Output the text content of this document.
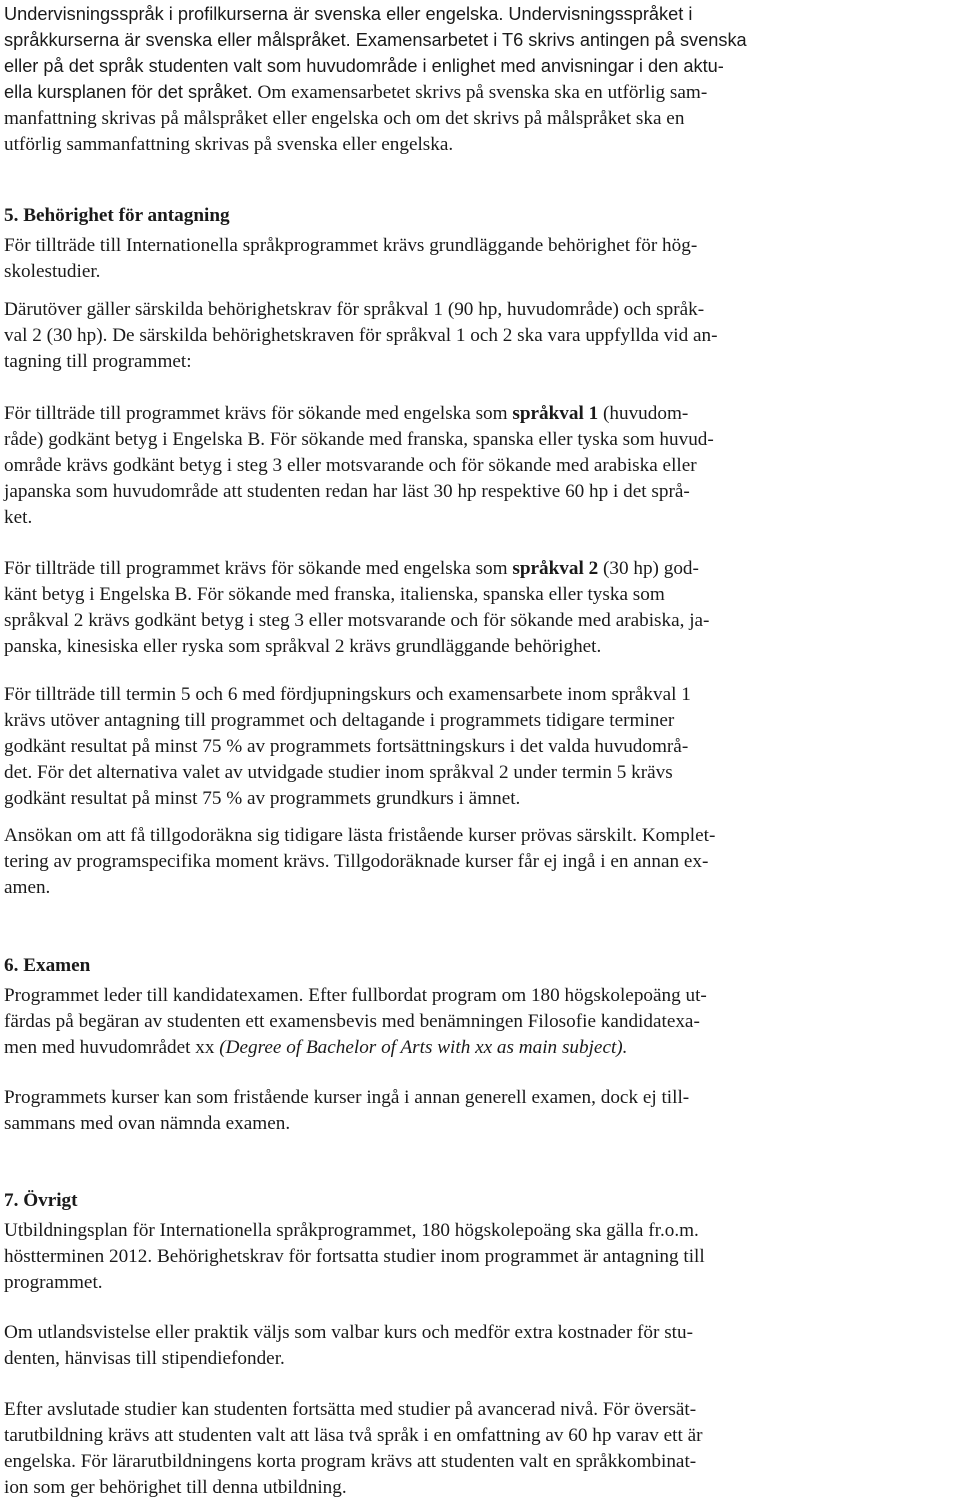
Undervisningsspråk i profilkurserna är svenska eller engelska. Undervisningsspråket i
språkkurserna är svenska eller målspråket. Examensarbetet i T6 skrivs antingen på svenska
eller på det språk studenten valt som huvudområde i enlighet med anvisningar i den aktu-
ella kursplanen för det språket. Om examensarbetet skrivs på svenska ska en utförlig sam-
manfattning skrivas på målspråket eller engelska och om det skrivs på målspråket ska en
utförlig sammanfattning skrivas på svenska eller engelska.

5. Behörighet för antagning

För tillträde till Internationella språkprogrammet krävs grundläggande behörighet för hög-
skolestudier.

Därutöver gäller särskilda behörighetskrav för språkval 1 (90 hp, huvudområde) och språk-
val 2 (30 hp). De särskilda behörighetskraven för språkval 1 och 2 ska vara uppfyllda vid an-
tagning till programmet:

För tillträde till programmet krävs för sökande med engelska som språkval 1 (huvudom-
råde) godkänt betyg i Engelska B. För sökande med franska, spanska eller tyska som huvud-
område krävs godkänt betyg i steg 3 eller motsvarande och för sökande med arabiska eller
japanska som huvudområde att studenten redan har läst 30 hp respektive 60 hp i det språ-
ket.

För tillträde till programmet krävs för sökande med engelska som språkval 2 (30 hp) god-
känt betyg i Engelska B. För sökande med franska, italienska, spanska eller tyska som
språkval 2 krävs godkänt betyg i steg 3 eller motsvarande och för sökande med arabiska, ja-
panska, kinesiska eller ryska som språkval 2 krävs grundläggande behörighet.

För tillträde till termin 5 och 6 med fördjupningskurs och examensarbete inom språkval 1
krävs utöver antagning till programmet och deltagande i programmets tidigare terminer
godkänt resultat på minst 75 % av programmets fortsättningskurs i det valda huvudområ-
det. För det alternativa valet av utvidgade studier inom språkval 2 under termin 5 krävs
godkänt resultat på minst 75 % av programmets grundkurs i ämnet.

Ansökan om att få tillgodoräkna sig tidigare lästa fristående kurser prövas särskilt. Komplet-
tering av programspecifika moment krävs. Tillgodoräknade kurser får ej ingå i en annan ex-
amen.

6. Examen

Programmet leder till kandidatexamen. Efter fullbordat program om 180 högskolepoäng ut-
färdas på begäran av studenten ett examensbevis med benämningen Filosofie kandidatexa-
men med huvudområdet xx (Degree of Bachelor of Arts with xx as main subject).

Programmets kurser kan som fristående kurser ingå i annan generell examen, dock ej till-
sammans med ovan nämnda examen.

7. Övrigt

Utbildningsplan för Internationella språkprogrammet, 180 högskolepoäng ska gälla fr.o.m.
höstterminen 2012. Behörighetskrav för fortsatta studier inom programmet är antagning till
programmet.

Om utlandsvistelse eller praktik väljs som valbar kurs och medför extra kostnader för stu-
denten, hänvisas till stipendiefonder.

Efter avslutade studier kan studenten fortsätta med studier på avancerad nivå. För översät-
tarutbildning krävs att studenten valt att läsa två språk i en omfattning av 60 hp varav ett är
engelska. För lärarutbildningens korta program krävs att studenten valt en språkkombinat-
ion som ger behörighet till denna utbildning.
